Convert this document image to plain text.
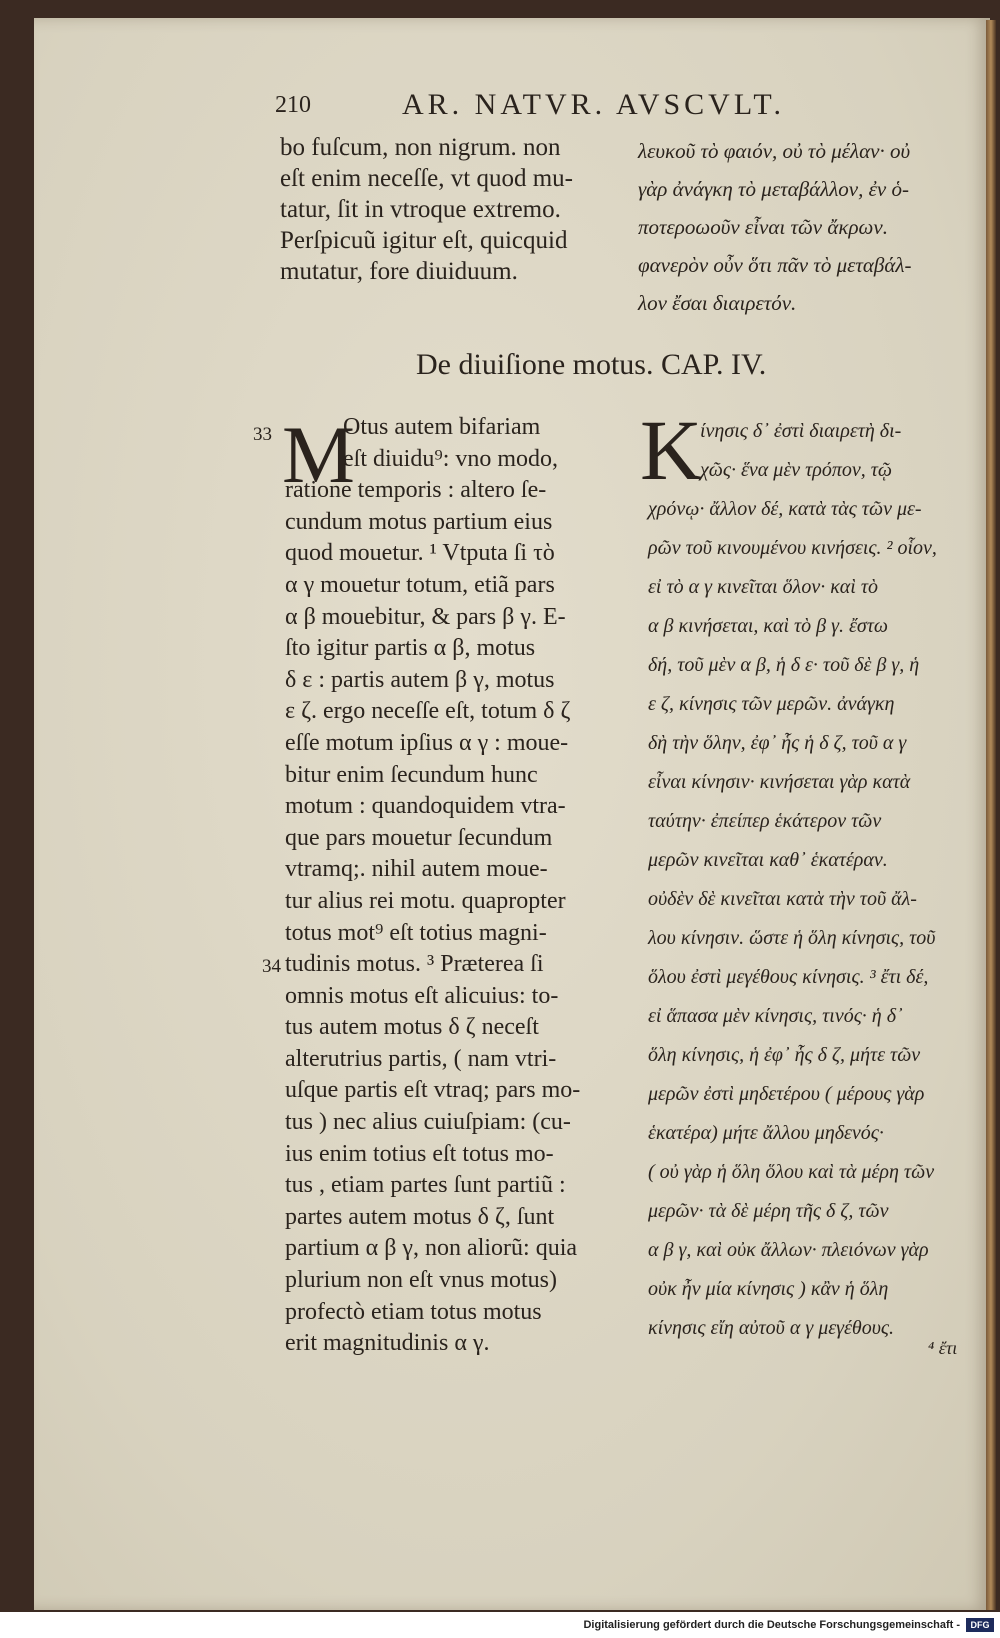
210	AR. NATVR. AVSCVLT.
bo fuſcum, non nigrum. non
eſt enim neceſſe, vt quod mu-
tatur, ſit in vtroque extremo.
Perſpicuũ igitur eſt, quicquid
mutatur, fore diuiduum.
λευκοῦ τὸ φαιόν, οὐ τὸ μέλαν· οὐ
γὰρ ἀνάγκη τὸ μεταβάλλον, ἐν ὁ-
ποτεροωοῦν εἶναι τῶν ἄκρων.
φανερὸν οὖν ὅτι πᾶν τὸ μεταβάλ-
λον ἔσαι διαιρετόν.
De diuiſione motus. CAP. IV.
33
34
M
Otus autem bifariam
eſt diuidu⁹: vno modo,
ratione temporis : altero ſe-
cundum motus partium eius
quod mouetur. ¹ Vtputa ſi τὸ
α γ mouetur totum, etiã pars
α β mouebitur, & pars β γ. E-
ſto igitur partis α β, motus
δ ε : partis autem β γ, motus
ε ζ. ergo neceſſe eſt, totum δ ζ
eſſe motum ipſius α γ : moue-
bitur enim ſecundum hunc
motum : quandoquidem vtra-
que pars mouetur ſecundum
vtramq;. nihil autem moue-
tur alius rei motu. quapropter
totus mot⁹ eſt totius magni-
tudinis motus. ³ Præterea ſi
omnis motus eſt alicuius: to-
tus autem motus δ ζ neceſt
alterutrius partis, ( nam vtri-
uſque partis eſt vtraq; pars mo-
tus ) nec alius cuiuſpiam: (cu-
ius enim totius eſt totus mo-
tus , etiam partes ſunt partiũ :
partes autem motus δ ζ, ſunt
partium α β γ, non aliorũ: quia
plurium non eſt vnus motus)
profectò etiam totus motus
erit magnitudinis α γ.
K
ίνησις δ᾽ ἐστὶ διαιρετὴ δι-
χῶς· ἕνα μὲν τρόπον, τῷ
χρόνῳ· ἄλλον δέ, κατὰ τὰς τῶν με-
ρῶν τοῦ κινουμένου κινήσεις. ² οἷον,
εἰ τὸ α γ κινεῖται ὅλον· καὶ τὸ
α β κινήσεται, καὶ τὸ β γ. ἔστω
δή, τοῦ μὲν α β, ἡ δ ε· τοῦ δὲ β γ, ἡ
ε ζ, κίνησις τῶν μερῶν. ἀνάγκη
δὴ τὴν ὅλην, ἐφ᾽ ἧς ἡ δ ζ, τοῦ α γ
εἶναι κίνησιν· κινήσεται γὰρ κατὰ
ταύτην· ἐπείπερ ἑκάτερον τῶν
μερῶν κινεῖται καθ᾽ ἑκατέραν.
οὐδὲν δὲ κινεῖται κατὰ τὴν τοῦ ἄλ-
λου κίνησιν. ὥστε ἡ ὅλη κίνησις, τοῦ
ὅλου ἐστὶ μεγέθους κίνησις. ³ ἔτι δέ,
εἰ ἅπασα μὲν κίνησις, τινός· ἡ δ᾽
ὅλη κίνησις, ἡ ἐφ᾽ ἧς δ ζ, μήτε τῶν
μερῶν ἐστὶ μηδετέρου ( μέρους γὰρ
ἑκατέρα) μήτε ἄλλου μηδενός·
( οὐ γὰρ ἡ ὅλη ὅλου καὶ τὰ μέρη τῶν
μερῶν· τὰ δὲ μέρη τῆς δ ζ, τῶν
α β γ, καὶ οὐκ ἄλλων· πλειόνων γὰρ
οὐκ ἦν μία κίνησις ) κἂν ἡ ὅλη
κίνησις εἴη αὐτοῦ α γ μεγέθους.
⁴ ἔτι
Digitalisierung gefördert durch die Deutsche Forschungsgemeinschaft -	DFG
